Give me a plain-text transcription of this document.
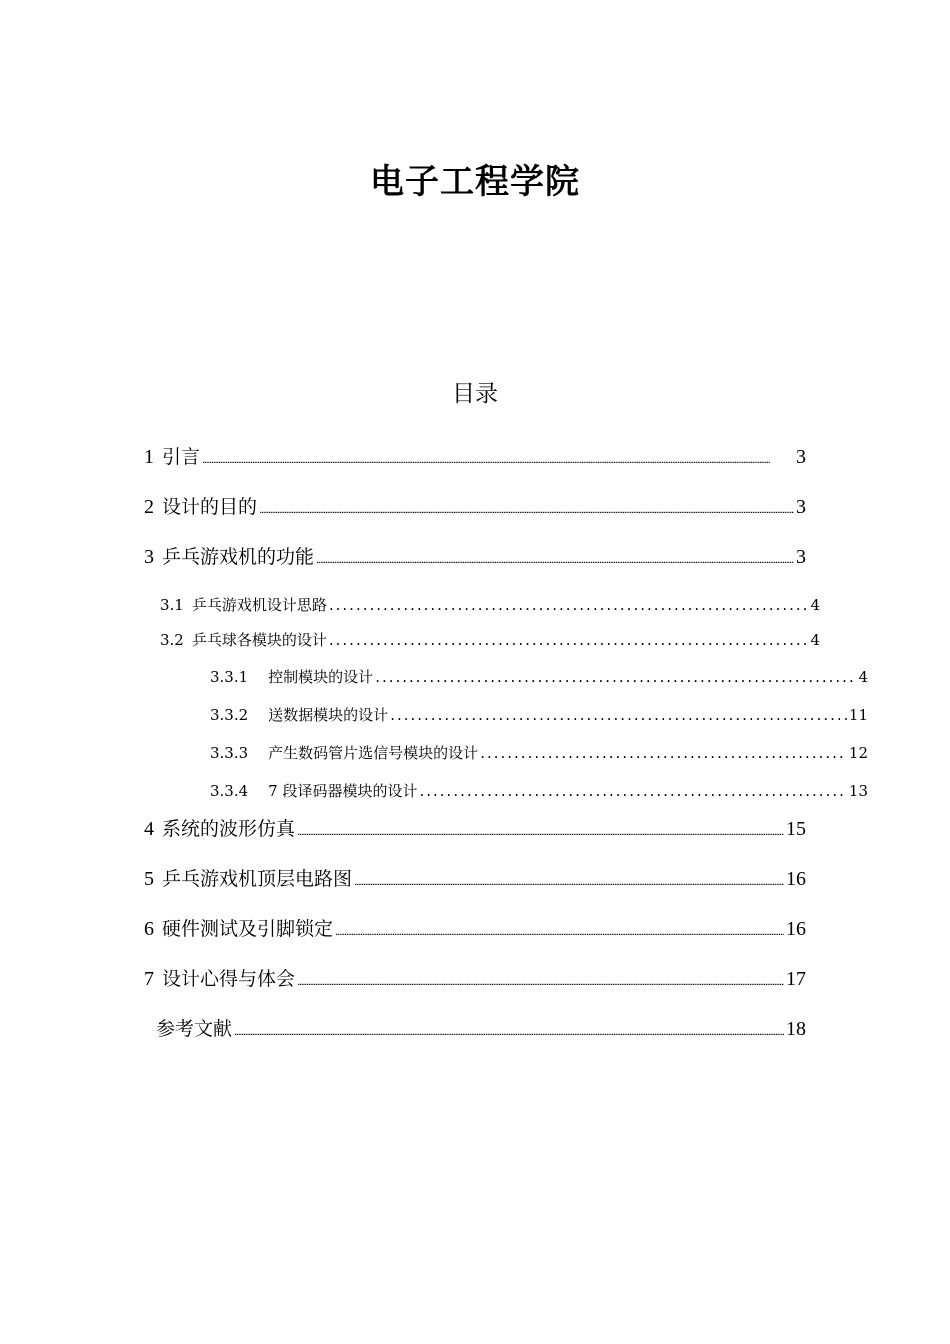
电子工程学院
目录
1 引言 .....	3
2 设计的目的 .....	3
3 乒乓游戏机的功能 .....	3
3.1 乒乓游戏机设计思路 .....	4
3.2 乒乓球各模块的设计 .....	4
3.3.1 控制模块的设计 .....	4
3.3.2 送数据模块的设计 .....	11
3.3.3 产生数码管片选信号模块的设计 .....	12
3.3.4 7 段译码器模块的设计 .....	13
4 系统的波形仿真 .....	15
5 乒乓游戏机顶层电路图 .....	16
6 硬件测试及引脚锁定 .....	16
7 设计心得与体会 .....	17
参考文献 .....	18
